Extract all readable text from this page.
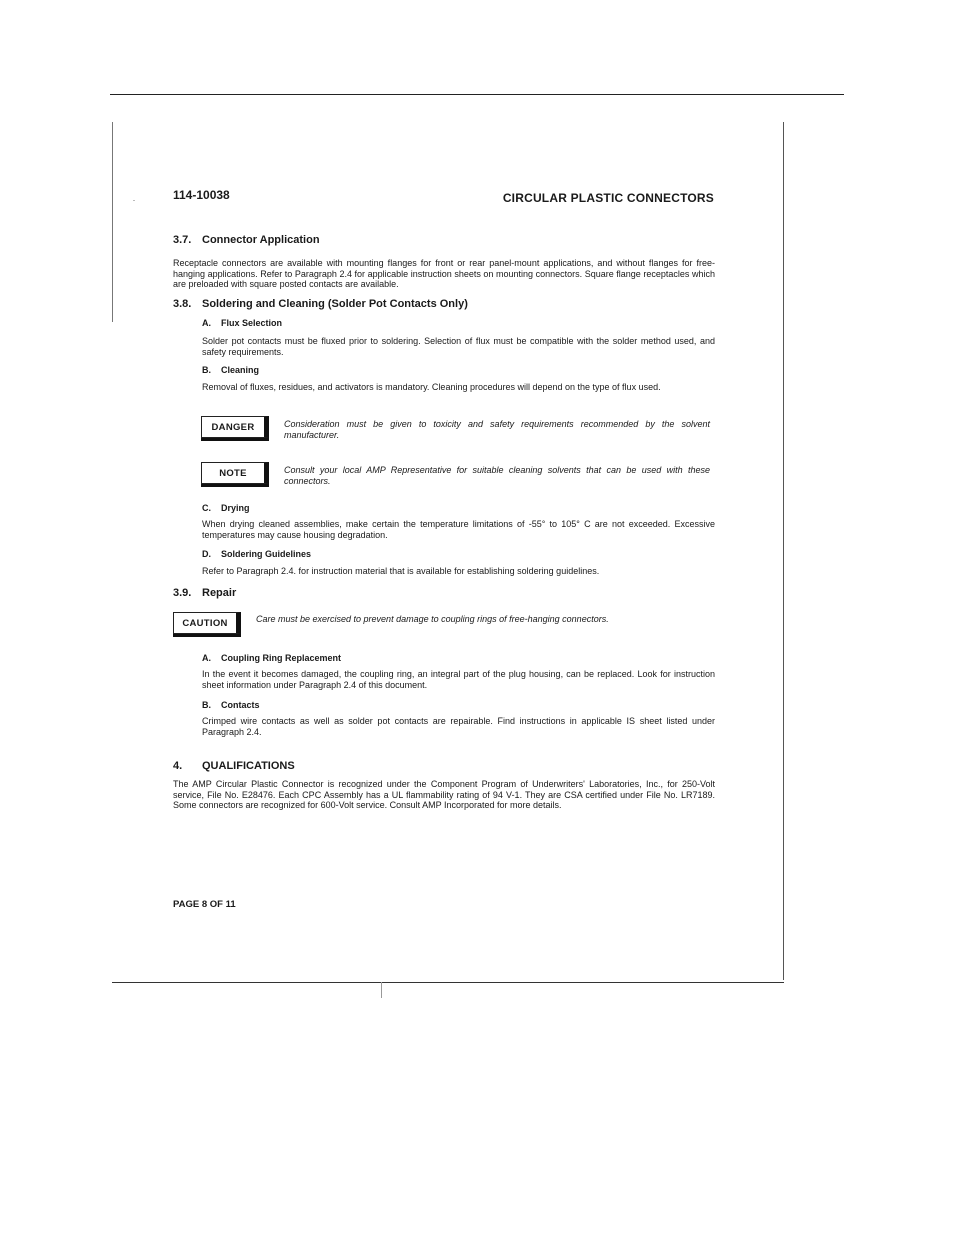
114-10038	CIRCULAR PLASTIC CONNECTORS
3.7. Connector Application

Receptacle connectors are available with mounting flanges for front or rear panel-mount applications, and without flanges for free-hanging applications. Refer to Paragraph 2.4 for applicable instruction sheets on mounting connectors. Square flange receptacles which are preloaded with square posted contacts are available.

3.8. Soldering and Cleaning (Solder Pot Contacts Only)
A. Flux Selection

Solder pot contacts must be fluxed prior to soldering. Selection of flux must be compatible with the solder method used, and safety requirements.

B. Cleaning

Removal of fluxes, residues, and activators is mandatory. Cleaning procedures will depend on the type of flux used.

DANGER	Consideration must be given to toxicity and safety requirements recommended by the solvent manufacturer.

NOTE	Consult your local AMP Representative for suitable cleaning solvents that can be used with these connectors.

C. Drying

When drying cleaned assemblies, make certain the temperature limitations of -55° to 105° C are not exceeded. Excessive temperatures may cause housing degradation.

D. Soldering Guidelines

Refer to Paragraph 2.4. for instruction material that is available for establishing soldering guidelines.

3.9. Repair
CAUTION	Care must be exercised to prevent damage to coupling rings of free-hanging connectors.

A. Coupling Ring Replacement

In the event it becomes damaged, the coupling ring, an integral part of the plug housing, can be replaced. Look for instruction sheet information under Paragraph 2.4 of this document.

B. Contacts

Crimped wire contacts as well as solder pot contacts are repairable. Find instructions in applicable IS sheet listed under Paragraph 2.4.

4. QUALIFICATIONS

The AMP Circular Plastic Connector is recognized under the Component Program of Underwriters' Laboratories, Inc., for 250-Volt service, File No. E28476. Each CPC Assembly has a UL flammability rating of 94 V-1. They are CSA certified under File No. LR7189. Some connectors are recognized for 600-Volt service. Consult AMP Incorporated for more details.

PAGE 8 OF 11
